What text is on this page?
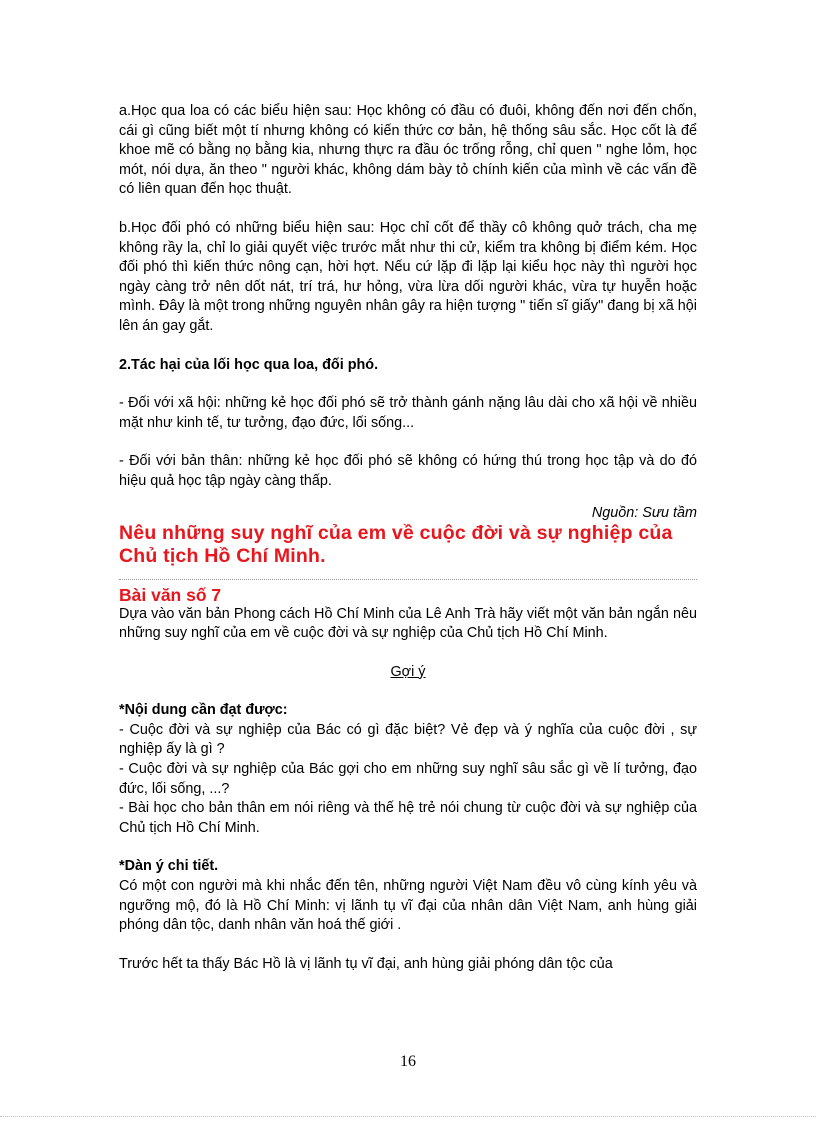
a.Học qua loa có các biểu hiện sau: Học không có đầu có đuôi, không đến nơi đến chốn, cái gì cũng biết một tí nhưng không có kiến thức cơ bản, hệ thống sâu sắc. Học cốt là để khoe mẽ có bằng nọ bằng kia, nhưng thực ra đầu óc trống rỗng, chỉ quen " nghe lỏm, học mót, nói dựa, ăn theo " người khác, không dám bày tỏ chính kiến của mình về các vấn đề có liên quan đến học thuật.

b.Học đối phó có những biểu hiện sau: Học chỉ cốt để thầy cô không quở trách, cha mẹ không rầy la, chỉ lo giải quyết việc trước mắt như thi cử, kiểm tra không bị điểm kém. Học đối phó thì kiến thức nông cạn, hời hợt. Nếu cứ lặp đi lặp lại kiểu học này thì người học ngày càng trở nên dốt nát, trí trá, hư hỏng, vừa lừa dối người khác, vừa tự huyễn hoặc mình. Đây là một trong những nguyên nhân gây ra hiện tượng " tiến sĩ giấy" đang bị xã hội lên án gay gắt.

2.Tác hại của lối học qua loa, đối phó.

- Đối với xã hội: những kẻ học đối phó sẽ trở thành gánh nặng lâu dài cho xã hội về nhiều mặt như kinh tế, tư tưởng, đạo đức, lối sống...

- Đối với bản thân: những kẻ học đối phó sẽ không có hứng thú trong học tập và do đó hiệu quả học tập ngày càng thấp.

Nguồn: Sưu tầm

Nêu những suy nghĩ của em về cuộc đời và sự nghiệp của Chủ tịch Hồ Chí Minh.

Bài văn số 7

Dựa vào văn bản Phong cách Hồ Chí Minh của Lê Anh Trà hãy viết một văn bản ngắn nêu những suy nghĩ của em về cuộc đời và sự nghiệp của Chủ tịch Hồ Chí Minh.

Gợi ý

*Nội dung cần đạt được:

- Cuộc đời và sự nghiệp của Bác có gì đặc biệt? Vẻ đẹp và ý nghĩa của cuộc đời , sự nghiệp ấy là gì ?

- Cuộc đời và sự nghiệp của Bác gợi cho em những suy nghĩ sâu sắc gì về lí tưởng, đạo đức, lối sống, ...?

- Bài học cho bản thân em nói riêng và thế hệ trẻ nói chung từ cuộc đời và sự nghiệp của Chủ tịch Hồ Chí Minh.

*Dàn ý chi tiết.

Có một con người mà khi nhắc đến tên, những người Việt Nam đều vô cùng kính yêu và ngưỡng mộ, đó là Hồ Chí Minh: vị lãnh tụ vĩ đại của nhân dân Việt Nam, anh hùng giải phóng dân tộc, danh nhân văn hoá thế giới .

Trước hết ta thấy Bác Hồ là vị lãnh tụ vĩ đại, anh hùng giải phóng dân tộc của

16
